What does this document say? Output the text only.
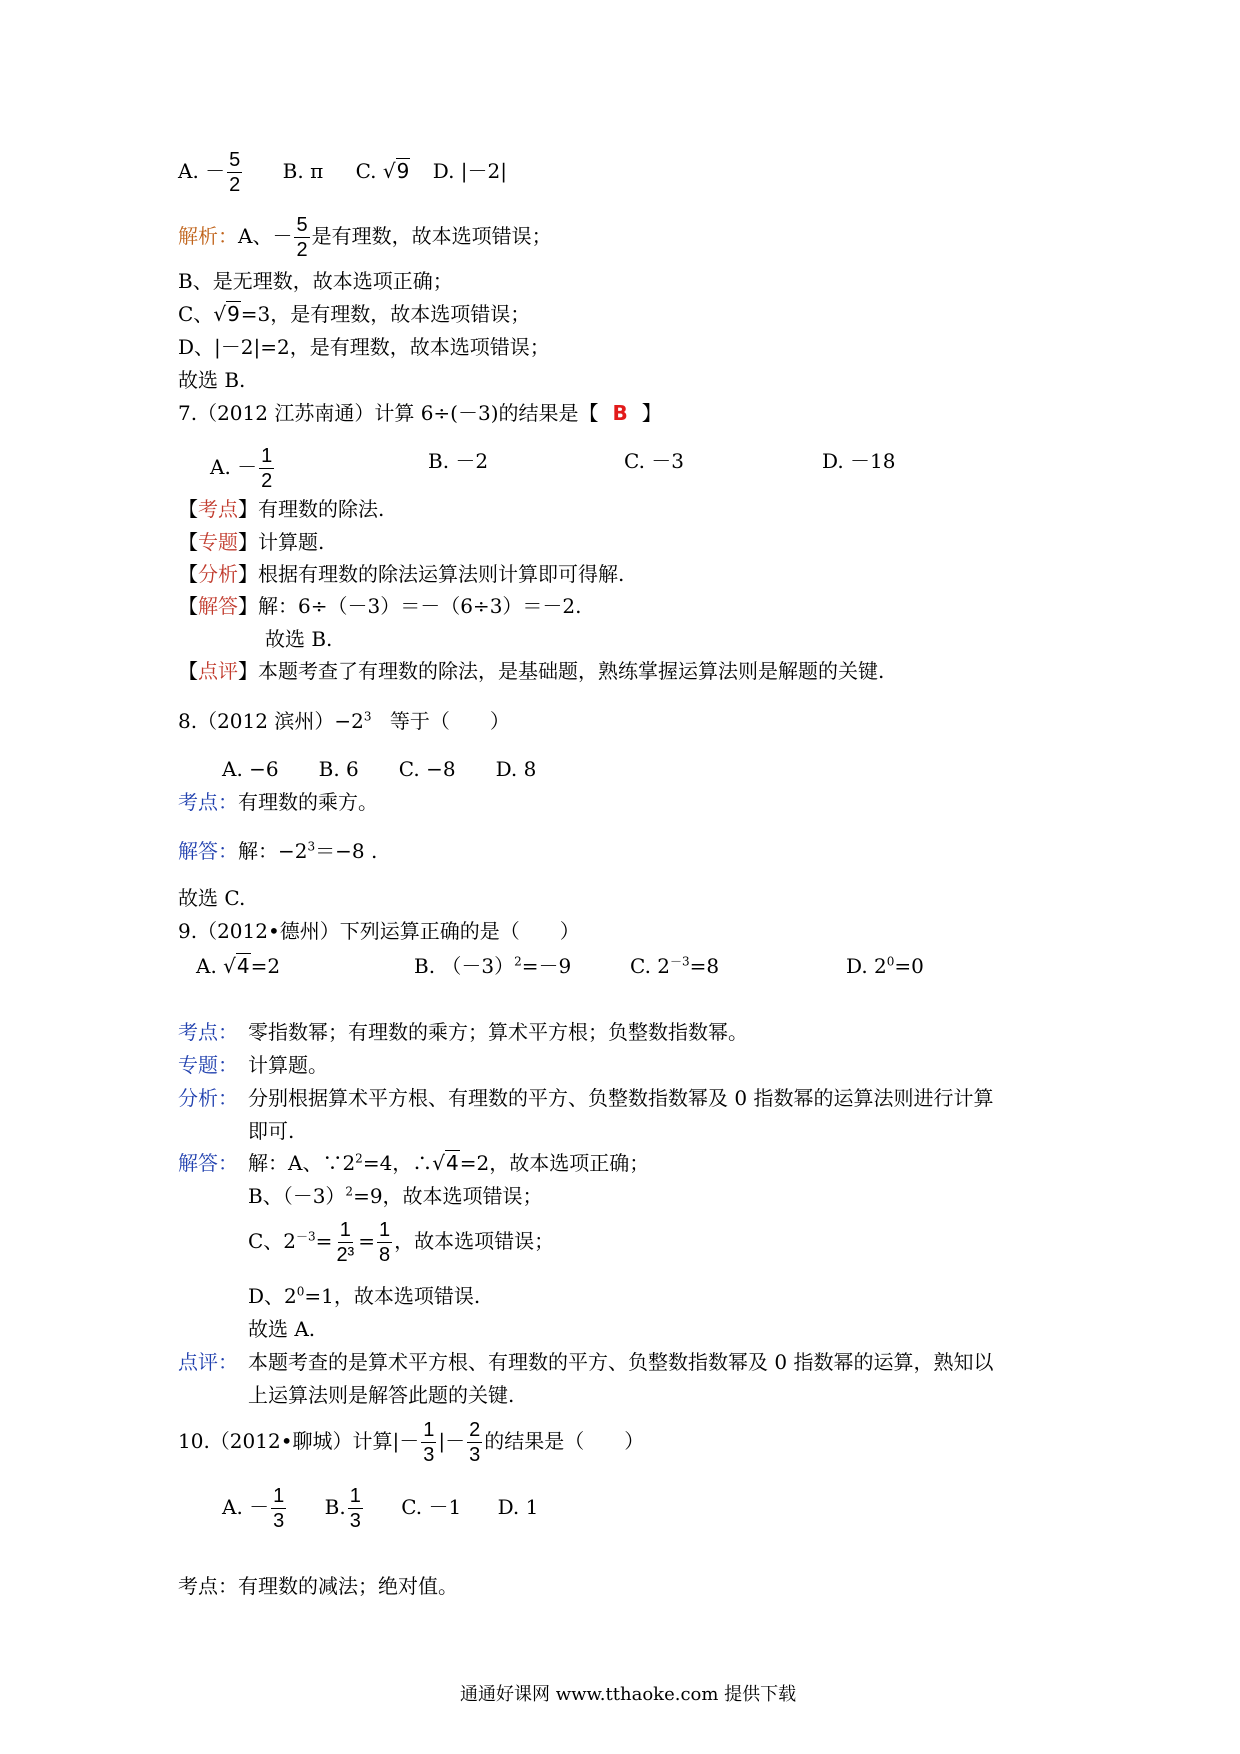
A. － $\frac{5}{2} B$. π C. √9 D. |－2|
解析：A、－ $\frac{5}{2}$ 是有理数，故本选项错误；
B、是无理数，故本选项正确；
C、√9=3，是有理数，故本选项错误；
D、|－2|=2，是有理数，故本选项错误；
故选 B.
7.（2012 江苏南通）计算 6÷(－3)的结果是【 B 】
A. － $\frac{1}{2}$	B. －2	C. －3	D. －18
【考点】有理数的除法.
【专题】计算题.
【分析】根据有理数的除法运算法则计算即可得解.
【解答】解：6÷（－3）＝－（6÷3）＝－2.
故选 B.
【点评】本题考查了有理数的除法，是基础题，熟练掌握运算法则是解题的关键.
8.（2012 滨州）$-2^3$ 等于（　　）
A. −6　　B. 6　　C. −8　　D. 8
考点：有理数的乘方。
解答：解：$-2^3=-8$ .
故选 C.
9.（2012•德州）下列运算正确的是（　　）
A. √4=2	B. $(-3)^2=-9$	C. $2^{-3}=8$	D. $2^0=0$
考点： 零指数幂；有理数的乘方；算术平方根；负整数指数幂。
专题： 计算题。
分析： 分别根据算术平方根、有理数的平方、负整数指数幂及 0 指数幂的运算法则进行计算
即可.
解答： 解：A、$\because 2^2=4$，∴√4=2，故本选项正确；
B、$(-3)^2=9$，故本选项错误；
C、$2^{-3}= \frac{1}{\text{2³}} = \frac{1}{8}$ ，故本选项错误；
D、$2^0=1$，故本选项错误.
故选 A.
点评： 本题考查的是算术平方根、有理数的平方、负整数指数幂及 0 指数幂的运算，熟知以
上运算法则是解答此题的关键.
10.（2012•聊城）计算|－ $\frac{1}{3}$ |－ $\frac{2}{3}$ 的结果是（　　）
A. － $\frac{1}{3} B$. $\frac{1}{3} C$. －1 D. 1
考点：有理数的减法；绝对值。
通通好课网 www.tthaoke.com 提供下载
